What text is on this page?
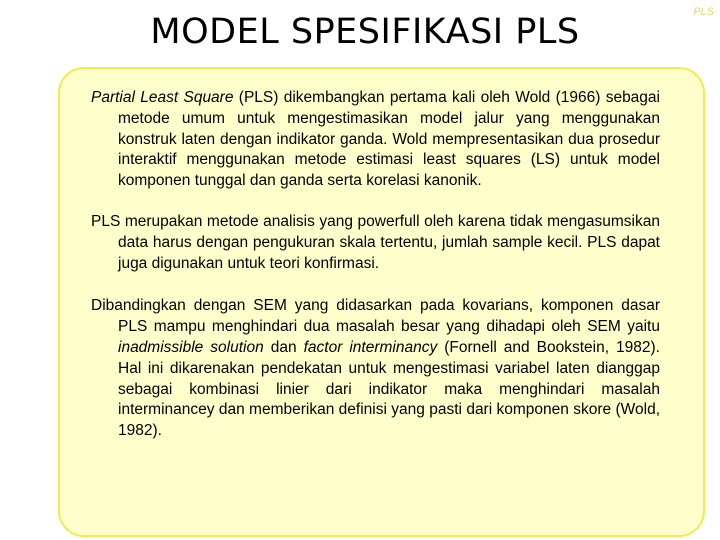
PLS
MODEL SPESIFIKASI PLS

Partial Least Square (PLS) dikembangkan pertama kali oleh Wold (1966) sebagai metode umum untuk mengestimasikan model jalur yang menggunakan konstruk laten dengan indikator ganda. Wold mempresentasikan dua prosedur interaktif menggunakan metode estimasi least squares (LS) untuk model komponen tunggal dan ganda serta korelasi kanonik.

PLS merupakan metode analisis yang powerfull oleh karena tidak mengasumsikan data harus dengan pengukuran skala tertentu, jumlah sample kecil. PLS dapat juga digunakan untuk teori konfirmasi.

Dibandingkan dengan SEM yang didasarkan pada kovarians, komponen dasar PLS mampu menghindari dua masalah besar yang dihadapi oleh SEM yaitu inadmissible solution dan factor interminancy (Fornell and Bookstein, 1982). Hal ini dikarenakan pendekatan untuk mengestimasi variabel laten dianggap sebagai kombinasi linier dari indikator maka menghindari masalah interminancey dan memberikan definisi yang pasti dari komponen skore (Wold, 1982).
